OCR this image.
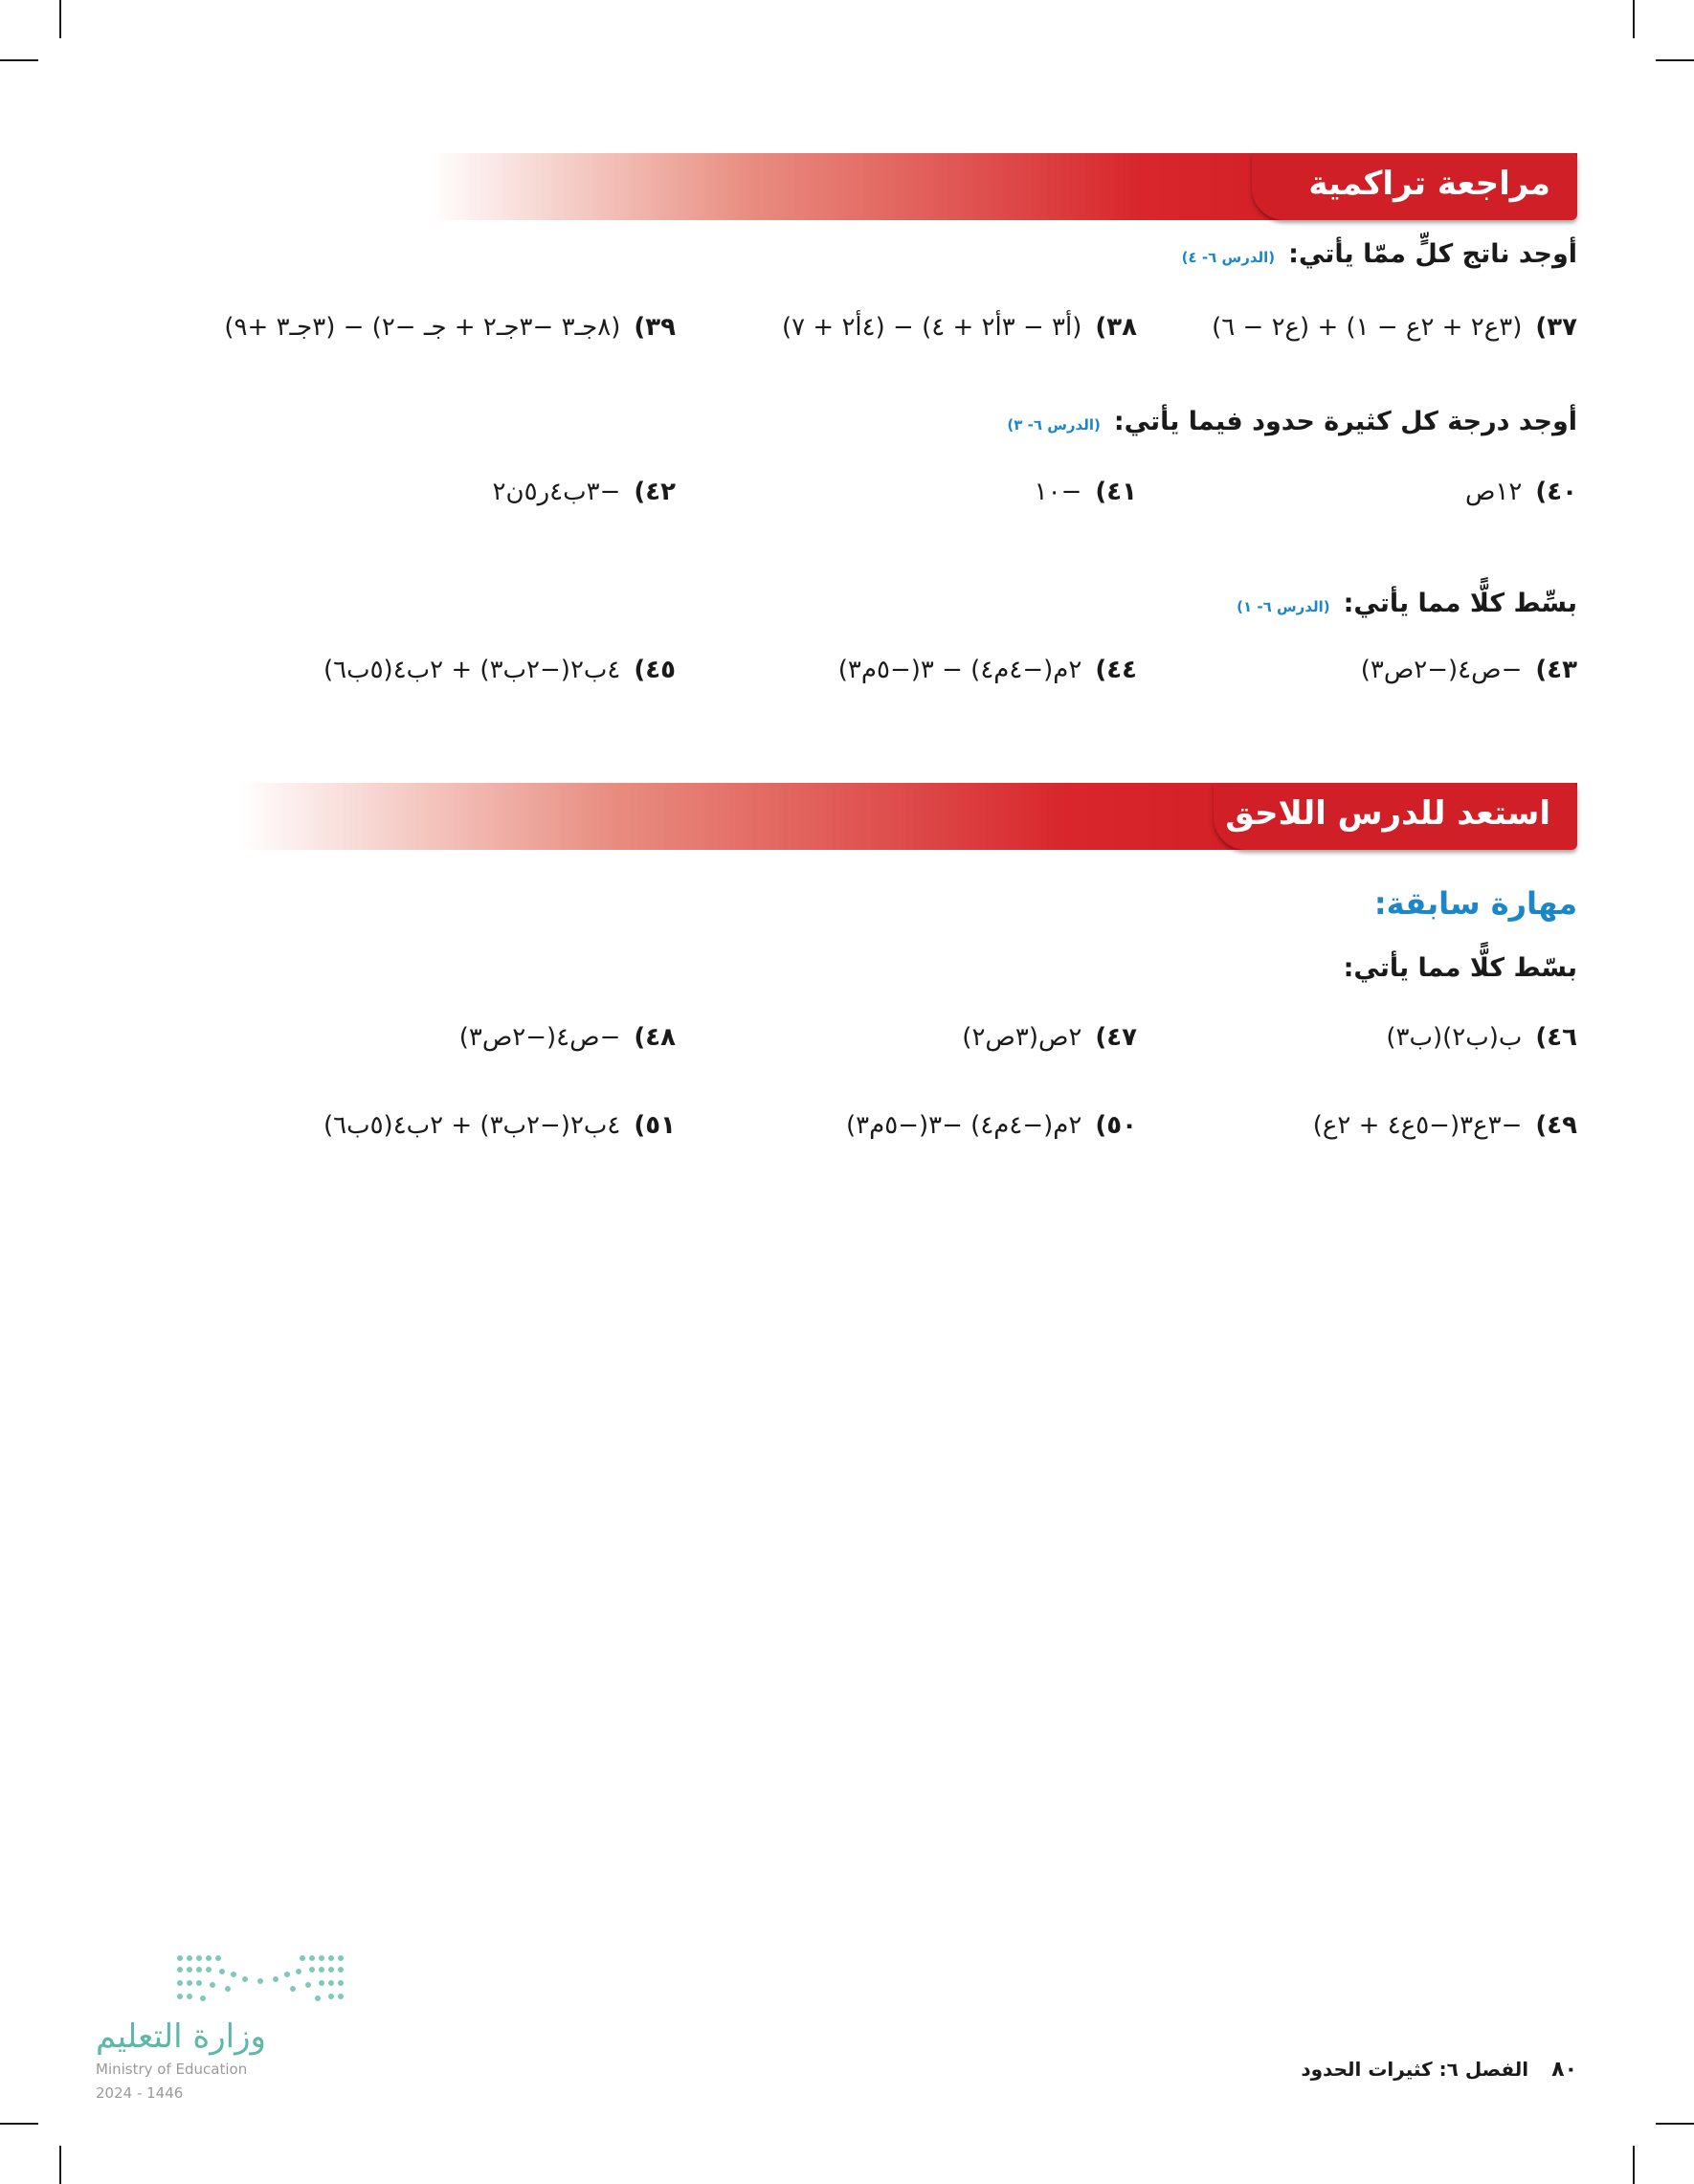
مراجعة تراكمية
أوجد ناتج كلٍّ ممّا يأتي:(الدرس ٦- ٤)
٣٧)(٣ع٢ + ٢ع − ١) + (ع٢ − ٦)
٣٨)(أ٣ − ٣أ٢ + ٤) − (٤أ٢ + ٧)
٣٩)(٨جـ٣ −٣جـ٢ + جـ −٢) − (٣جـ٣ +٩)
أوجد درجة كل كثيرة حدود فيما يأتي:(الدرس ٦- ٣)
٤٠)١٢ص
٤١)−١٠
٤٢)−٣ب٤ر٥ن٢
بسِّط كلًّا مما يأتي:(الدرس ٦- ١)
٤٣)−ص٤(−٢ص٣)
٤٤)٢م(−٤م٤) − ٣(−٥م٣)
٤٥)٤ب٢(−٢ب٣) + ٢ب٤(٥ب٦)
استعد للدرس اللاحق
مهارة سابقة:
بسّط كلًّا مما يأتي:
٤٦)ب(ب٢)(ب٣)
٤٧)٢ص(٣ص٢)
٤٨)−ص٤(−٢ص٣)
٤٩)−٣ع٣(−٥ع٤ + ٢ع)
٥٠)٢م(−٤م٤) −٣(−٥م٣)
٥١)٤ب٢(−٢ب٣) + ٢ب٤(٥ب٦)
وزارة التعليم
Ministry of Education
2024 - 1446
٨٠الفصل ٦: كثيرات الحدود
